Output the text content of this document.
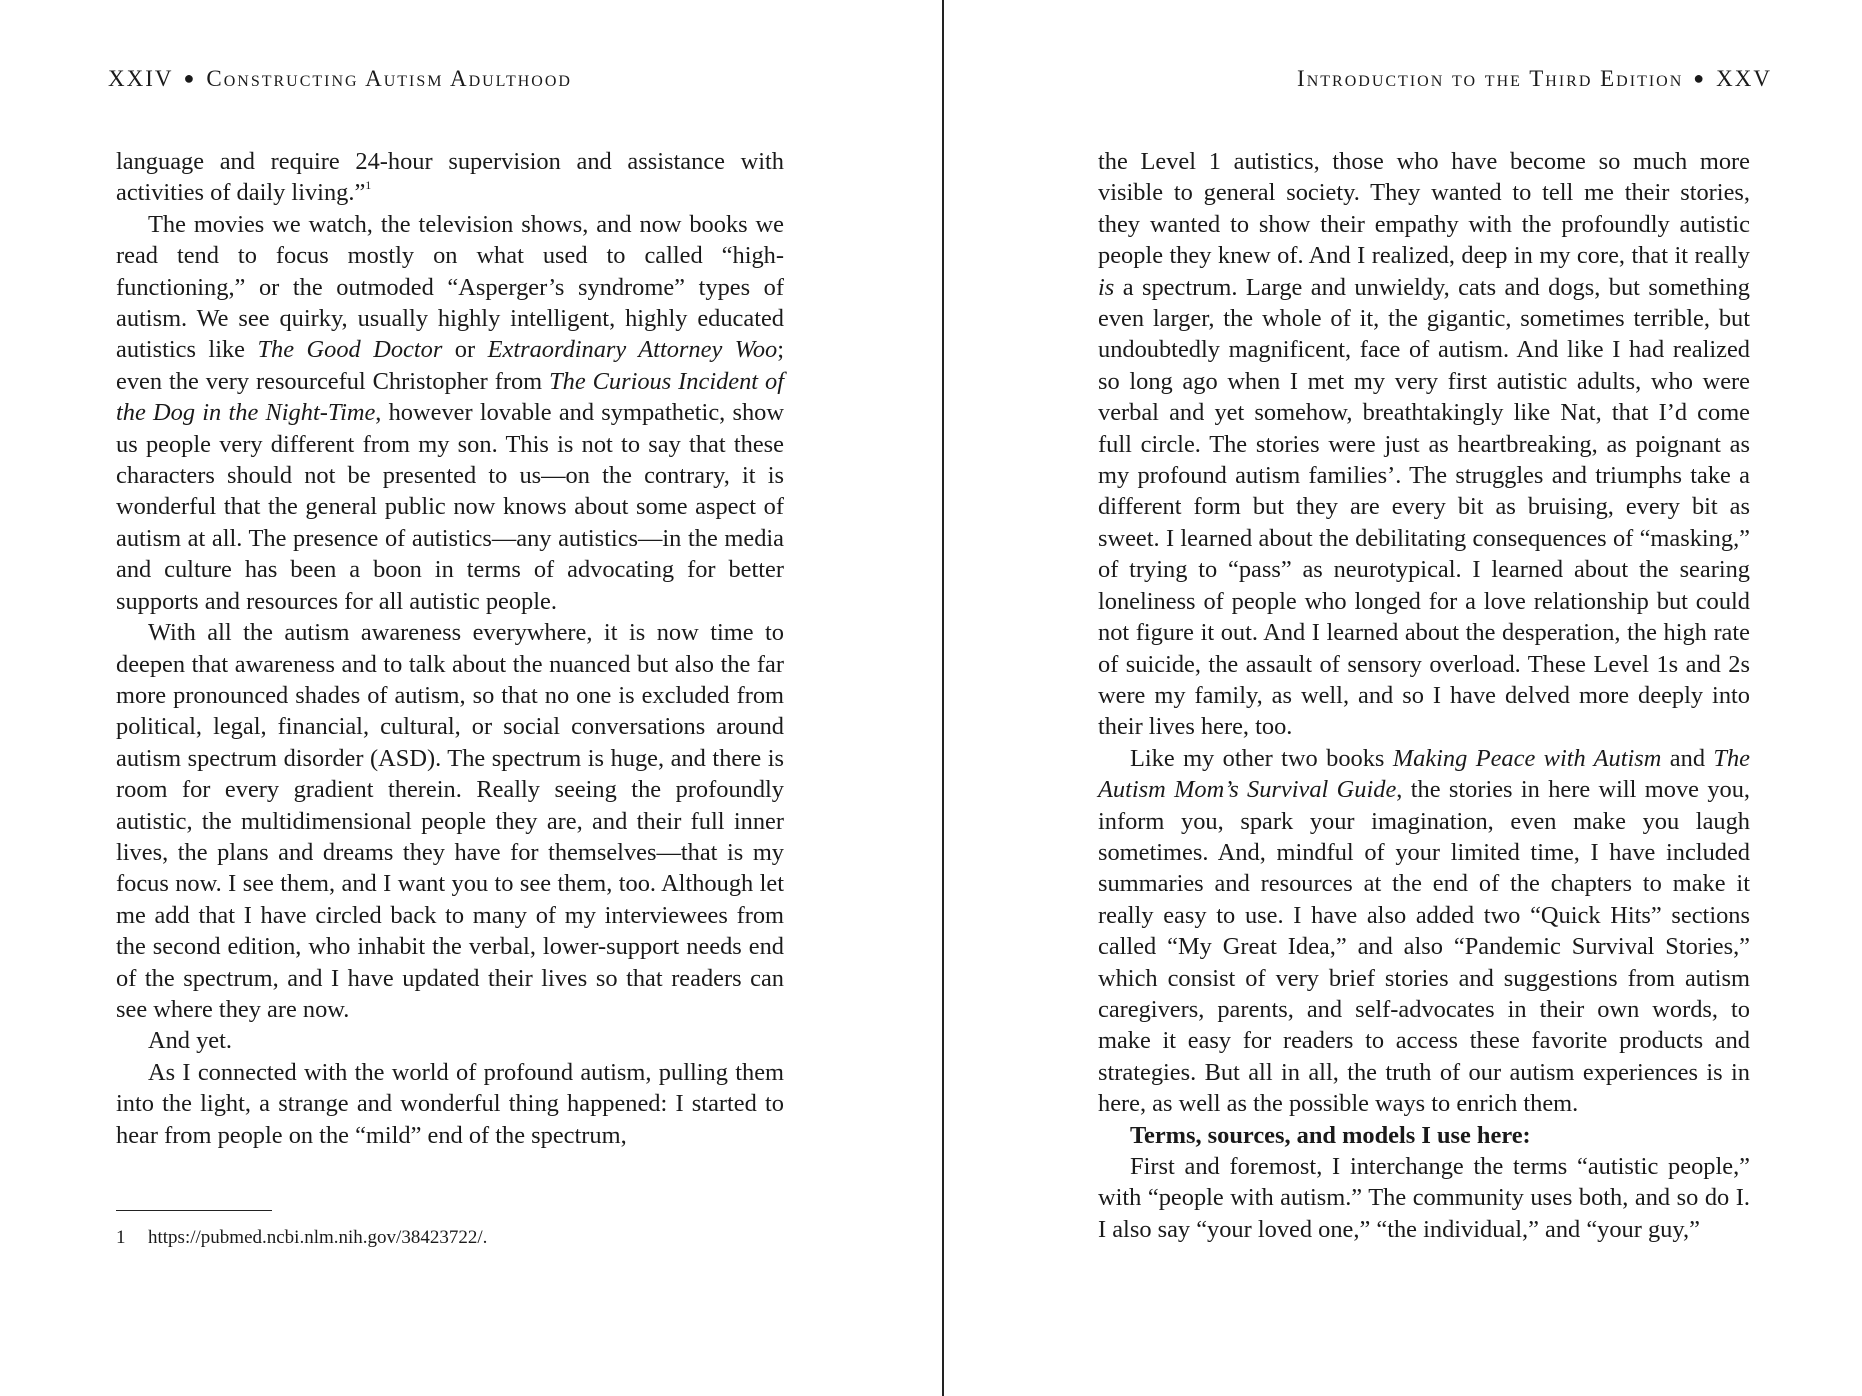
XXIV ● Constructing Autism Adulthood

language and require 24-hour supervision and assistance with activities of daily living.”$^1$

The movies we watch, the television shows, and now books we read tend to focus mostly on what used to called “high-functioning,” or the outmoded “Asperger’s syndrome” types of autism. We see quirky, usually highly intelligent, highly educated autistics like The Good Doctor or Extraordinary Attorney Woo; even the very resourceful Christopher from The Curious Incident of the Dog in the Night-Time, however lovable and sympathetic, show us people very different from my son. This is not to say that these characters should not be presented to us—on the contrary, it is wonderful that the general public now knows about some aspect of autism at all. The presence of autistics—any autistics—in the media and culture has been a boon in terms of advocating for better supports and resources for all autistic people.

With all the autism awareness everywhere, it is now time to deepen that awareness and to talk about the nuanced but also the far more pronounced shades of autism, so that no one is excluded from political, legal, financial, cultural, or social conversations around autism spectrum disorder (ASD). The spectrum is huge, and there is room for every gradient therein. Really seeing the profoundly autistic, the multidimensional people they are, and their full inner lives, the plans and dreams they have for themselves—that is my focus now. I see them, and I want you to see them, too. Although let me add that I have circled back to many of my interviewees from the second edition, who inhabit the verbal, lower-support needs end of the spectrum, and I have updated their lives so that readers can see where they are now.

And yet.

As I connected with the world of profound autism, pulling them into the light, a strange and wonderful thing happened: I started to hear from people on the “mild” end of the spectrum,

1 https://pubmed.ncbi.nlm.nih.gov/38423722/.
Introduction to the Third Edition ● XXV

the Level 1 autistics, those who have become so much more visible to general society. They wanted to tell me their stories, they wanted to show their empathy with the profoundly autistic people they knew of. And I realized, deep in my core, that it really is a spectrum. Large and unwieldy, cats and dogs, but something even larger, the whole of it, the gigantic, sometimes terrible, but undoubtedly magnificent, face of autism. And like I had realized so long ago when I met my very first autistic adults, who were verbal and yet somehow, breathtakingly like Nat, that I’d come full circle. The stories were just as heartbreaking, as poignant as my profound autism families’. The struggles and triumphs take a different form but they are every bit as bruising, every bit as sweet. I learned about the debilitating consequences of “masking,” of trying to “pass” as neurotypical. I learned about the searing loneliness of people who longed for a love relationship but could not figure it out. And I learned about the desperation, the high rate of suicide, the assault of sensory overload. These Level 1s and 2s were my family, as well, and so I have delved more deeply into their lives here, too.

Like my other two books Making Peace with Autism and The Autism Mom’s Survival Guide, the stories in here will move you, inform you, spark your imagination, even make you laugh sometimes. And, mindful of your limited time, I have included summaries and resources at the end of the chapters to make it really easy to use. I have also added two “Quick Hits” sections called “My Great Idea,” and also “Pandemic Survival Stories,” which consist of very brief stories and suggestions from autism caregivers, parents, and self-advocates in their own words, to make it easy for readers to access these favorite products and strategies. But all in all, the truth of our autism experiences is in here, as well as the possible ways to enrich them.

Terms, sources, and models I use here:

First and foremost, I interchange the terms “autistic people,” with “people with autism.” The community uses both, and so do I. I also say “your loved one,” “the individual,” and “your guy,”
